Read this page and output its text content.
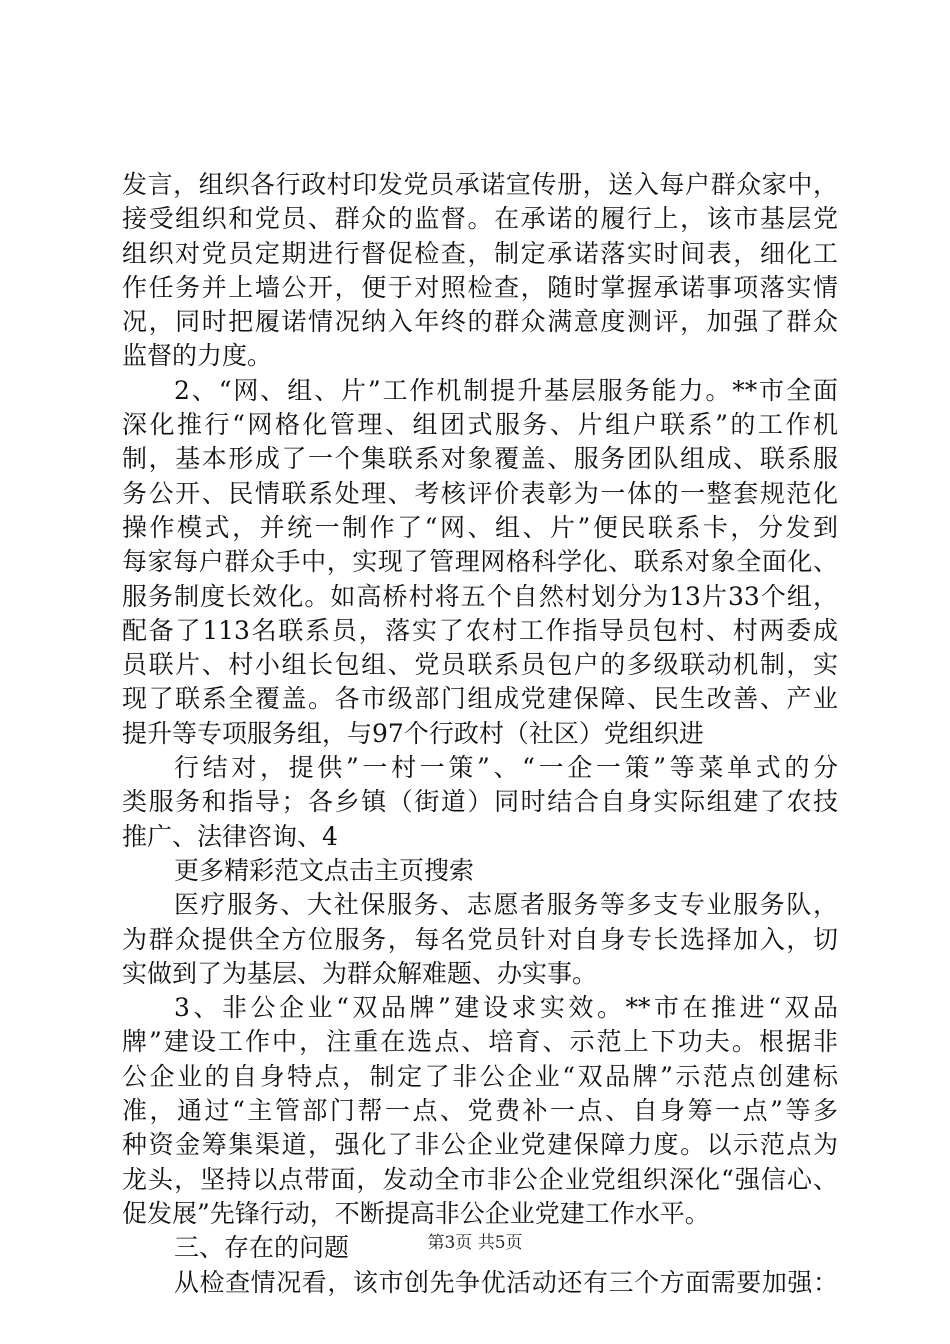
发言，组织各行政村印发党员承诺宣传册，送入每户群众家中，
接受组织和党员、群众的监督。在承诺的履行上，该市基层党
组织对党员定期进行督促检查，制定承诺落实时间表，细化工
作任务并上墙公开，便于对照检查，随时掌握承诺事项落实情
况，同时把履诺情况纳入年终的群众满意度测评，加强了群众
监督的力度。
2、“网、组、片”工作机制提升基层服务能力。**市全面
深化推行“网格化管理、组团式服务、片组户联系”的工作机
制，基本形成了一个集联系对象覆盖、服务团队组成、联系服
务公开、民情联系处理、考核评价表彰为一体的一整套规范化
操作模式，并统一制作了“网、组、片”便民联系卡，分发到
每家每户群众手中，实现了管理网格科学化、联系对象全面化、
服务制度长效化。如高桥村将五个自然村划分为13片33个组，
配备了113名联系员，落实了农村工作指导员包村、村两委成
员联片、村小组长包组、党员联系员包户的多级联动机制，实
现了联系全覆盖。各市级部门组成党建保障、民生改善、产业
提升等专项服务组，与97个行政村（社区）党组织进
行结对，提供”一村一策”、“一企一策”等菜单式的分
类服务和指导；各乡镇（街道）同时结合自身实际组建了农技
推广、法律咨询、4
更多精彩范文点击主页搜索
医疗服务、大社保服务、志愿者服务等多支专业服务队，
为群众提供全方位服务，每名党员针对自身专长选择加入，切
实做到了为基层、为群众解难题、办实事。
3、非公企业“双品牌”建设求实效。**市在推进“双品
牌”建设工作中，注重在选点、培育、示范上下功夫。根据非
公企业的自身特点，制定了非公企业“双品牌”示范点创建标
准，通过“主管部门帮一点、党费补一点、自身筹一点”等多
种资金筹集渠道，强化了非公企业党建保障力度。以示范点为
龙头，坚持以点带面，发动全市非公企业党组织深化“强信心、
促发展”先锋行动，不断提高非公企业党建工作水平。
三、存在的问题
从检查情况看，该市创先争优活动还有三个方面需要加强：
第3页 共5页
